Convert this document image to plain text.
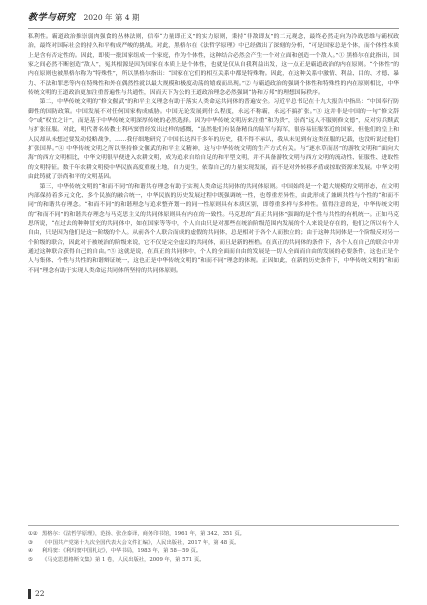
教学与研究 2020 年 第 4 期

私利性。霸道政治推崇弱肉强食的丛林法则，信奉“力量即正义”的实力原则，秉持“非敌即友”的二元观念，最终必然走向为冷战思维与霸权政治，最终对国际社会的持久和平构成严峻的挑战。对此，黑格尔在《法哲学原理》中已经做出了深刻的分析，“可是国家总是个体，而个体性本质上是含有否定性的。因此，即使一批国家组成一个家庭，作为个体性，这种结合必然会产生一个对立面和创造一个敌人。”① 黑格尔在此指出，国家之间必然不断创造“敌人”，冤其根源是因为国家在本质上是个体性，也就是仅从自我利益出发，这一点正是霸道政治的内在原则。“个体性”的内在原则也被黑格尔称为“特殊性”，所以黑格尔指出：“国家在它们的相互关系中都是特殊物。因此，在这种关系中激情、利益、目的、才德、暴力、不法和罪恶等内在特殊性和外在偶然性就以最大规模和极度动荡的嬉戏而出现。”② 与霸道政治的强调个体性和特殊性的内在原则相比，中华传统文明的王道政治更加注重普遍性与共通性，因而天下为公的王道政治理念必然强调“协和万邦”的理想国际秩序。

第二，中华传统文明的“修文偃武”的和平主义理念有助于落实人类命运共同体的普遍安全。习近平总书记在十九大报告中指出：“中国奉行防御性的国防政策。中国发展不对任何国家构成威胁。中国无论发展到什么程度，永远不称霸，永远不搞扩张。”③ 这并非是中国的一句“修文辞令”或“权宜之计”，而是基于中华传统文明深厚传统的必然选择。因为中华传统文明历来注重“和为贵”，崇尚“远人不服则修文德”，反对穷兵黩武与扩张征服。对此，明代著名传教士利玛窦曾经发出过样的感慨，“虽然他们有装备精良的陆军与海军，很容易征服邻近的国家，但他们的皇上和人民却从未想过要发动侵略战争，……我仔细地研究了中国长达四千多年的历史，我不得不承认，我从未见到有这类征服的记载，也没听说过他们扩张国界。”④ 中华传统文明之所以坚持修文偃武的和平主义精神，这与中华传统文明的生产方式有关。与“逐水草而居”的游牧文明和“面向大海”的西方文明相比，中华文明很早便进入农耕文明，成为追求自给自足的和平型文明，并不具备游牧文明与西方文明的流动性、征服性、进取性的文明特征。数千年农耕文明使中华民族高度重视土地，自力更生，依靠自己的力量实现发展，而不是对外转移矛盾或掠取资源来发展。中华文明由此铸就了崇尚和平的文明基因。

第三，中华传统文明的“和而不同”的和谐共存理念有助于实现人类命运共同体的共同体原则。中国始终是一个超大规模的文明形态，在文明内部保持着多元文化、多个民族的融合统一，中华民族的历史发展过程中既强调统一性，也尊重差异性，由此形成了兼顾共性与个性的“和而不同”的和谐共存理念。“和而不同”的和谐理念与追求整齐划一的同一性原则具有本质区别，即尊重多样与多样性。值得注意的是，中华传统文明的“和而不同”的和谐共存理念与马克思主义的共同体原则具有内在的一致性。马克思的“真正共同体”强调的是个性与共性的有机统一。正如马克思所说，“在过去的种种冒充的共同体中，如在国家等等中，个人自由只是对那些在统治阶级范围内发展的个人来说是存在的，他们之所以有个人自由，只是因为他们是这一阶级的个人。从前各个人联合而成的虚假的共同体，总是相对于各个人而独立的；由于这种共同体是一个阶级反对另一个阶级的联合，因此对于被统治的阶级来说，它不仅是完全虚幻的共同体，而且是新的桎梏。在真正的共同体的条件下，各个人在自己的联合中并通过这种联合获得自己的自由。”⑤ 这就是说，在真正的共同体中，个人的全面而自由的发展是一切人全面而自由的发展的必要条件，这也正是个人与集体、个性与共性的和谐辩证统一，这也正是中华传统文明的“和而不同”理念的体现。正因如此，在新的历史条件下，中华传统文明的“和而不同”理念有助于实现人类命运共同体所坚持的共同体原则。

①② 黑格尔：《法哲学原理》，范扬、张企泰译，商务印书馆，1961 年，第 342、351 页。
③ 《中国共产党第十九次全国代表大会文件汇编》，人民出版社，2017 年，第 48 页。
④ 利玛窦：《利玛窦中国札记》，中华书局，1983 年，第 58－59 页。
⑤ 《马克思恩格斯文集》第 1 卷，人民出版社，2009 年，第 571 页。
22
